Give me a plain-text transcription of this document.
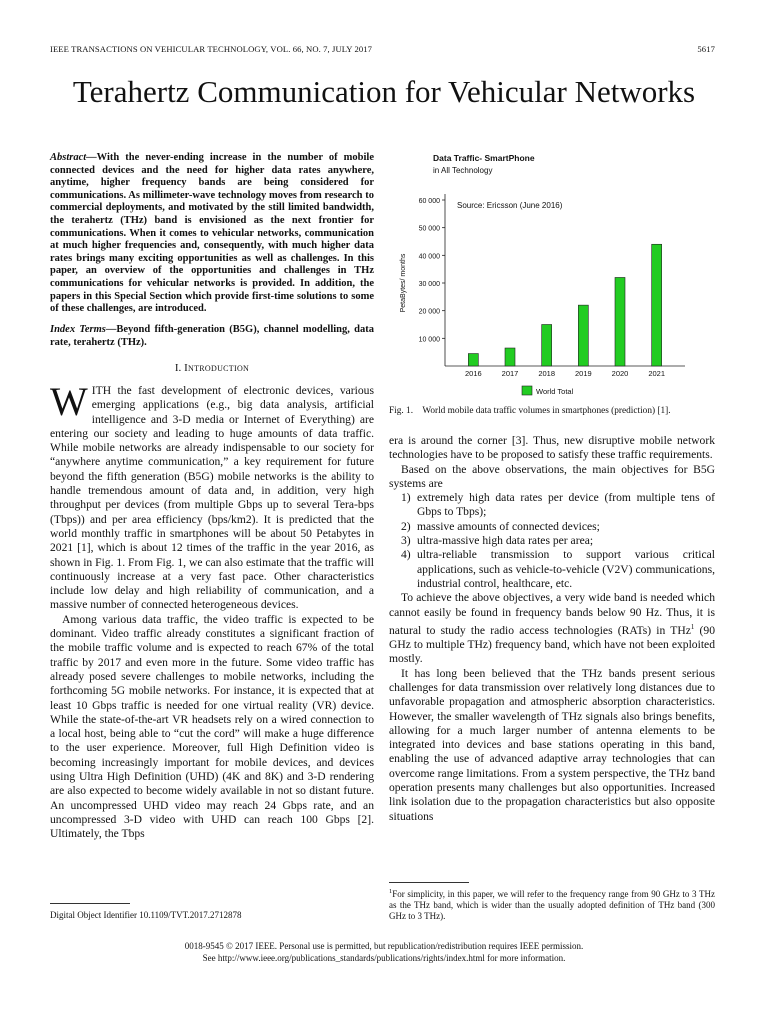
IEEE TRANSACTIONS ON VEHICULAR TECHNOLOGY, VOL. 66, NO. 7, JULY 2017	5617
Terahertz Communication for Vehicular Networks
Abstract—With the never-ending increase in the number of mobile connected devices and the need for higher data rates anywhere, anytime, higher frequency bands are being considered for communications. As millimeter-wave technology moves from research to commercial deployments, and motivated by the still limited bandwidth, the terahertz (THz) band is envisioned as the next frontier for communications. When it comes to vehicular networks, communication at much higher frequencies and, consequently, with much higher data rates brings many exciting opportunities as well as challenges. In this paper, an overview of the opportunities and challenges in THz communications for vehicular networks is provided. In addition, the papers in this Special Section which provide first-time solutions to some of these challenges, are introduced.
Index Terms—Beyond fifth-generation (B5G), channel modelling, data rate, terahertz (THz).
I. Introduction

WITH the fast development of electronic devices, various emerging applications (e.g., big data analysis, artificial intelligence and 3-D media or Internet of Everything) are entering our society and leading to huge amounts of data traffic. While mobile networks are already indispensable to our society for “anywhere anytime communication,” a key requirement for future beyond the fifth generation (B5G) mobile networks is the ability to handle tremendous amount of data and, in addition, very high throughput per devices (from multiple Gbps up to several Tera-bps (Tbps)) and per area efficiency (bps/km2). It is predicted that the world monthly traffic in smartphones will be about 50 Petabytes in 2021 [1], which is about 12 times of the traffic in the year 2016, as shown in Fig. 1. From Fig. 1, we can also estimate that the traffic will continuously increase at a very fast pace. Other characteristics include low delay and high reliability of communication, and a massive number of connected heterogeneous devices.

Among various data traffic, the video traffic is expected to be dominant. Video traffic already constitutes a significant fraction of the mobile traffic volume and is expected to reach 67% of the total traffic by 2017 and even more in the future. Some video traffic has already posed severe challenges to mobile networks, including the forthcoming 5G mobile networks. For instance, it is expected that at least 10 Gbps traffic is needed for one virtual reality (VR) device. While the state-of-the-art VR headsets rely on a wired connection to a local host, being able to “cut the cord” will make a huge difference to the user experience. Moreover, full High Definition video is becoming increasingly important for mobile devices, and devices using Ultra High Definition (UHD) (4K and 8K) and 3-D rendering are also expected to become widely available in not so distant future. An uncompressed UHD video may reach 24 Gbps rate, and an uncompressed 3-D video with UHD can reach 100 Gbps [2]. Ultimately, the Tbps

Digital Object Identifier 10.1109/TVT.2017.2712878
Data Traffic- SmartPhone
in All Technology
Source: Ericsson (June 2016)
10 000
20 000
30 000
40 000
50 000
60 000
PetaBytes/ months
2016	2017	2018	2019	2020	2021
World Total
Fig. 1. World mobile data traffic volumes in smartphones (prediction) [1].

era is around the corner [3]. Thus, new disruptive mobile network technologies have to be proposed to satisfy these traffic requirements.

Based on the above observations, the main objectives for B5G systems are

1) extremely high data rates per device (from multiple tens of Gbps to Tbps);
2) massive amounts of connected devices;
3) ultra-massive high data rates per area;
4) ultra-reliable transmission to support various critical applications, such as vehicle-to-vehicle (V2V) communications, industrial control, healthcare, etc.

To achieve the above objectives, a very wide band is needed which cannot easily be found in frequency bands below 90 Hz. Thus, it is natural to study the radio access technologies (RATs) in THz$^1$ (90 GHz to multiple THz) frequency band, which have not been exploited mostly.

It has long been believed that the THz bands present serious challenges for data transmission over relatively long distances due to unfavorable propagation and atmospheric absorption characteristics. However, the smaller wavelength of THz signals also brings benefits, allowing for a much larger number of antenna elements to be integrated into devices and base stations operating in this band, enabling the use of advanced adaptive array technologies that can overcome range limitations. From a system perspective, the THz band operation presents many challenges but also opportunities. Increased link isolation due to the propagation characteristics but also opposite situations

$^1$For simplicity, in this paper, we will refer to the frequency range from 90 GHz to 3 THz as the THz band, which is wider than the usually adopted definition of THz band (300 GHz to 3 THz).
0018-9545 © 2017 IEEE. Personal use is permitted, but republication/redistribution requires IEEE permission.
See http://www.ieee.org/publications_standards/publications/rights/index.html for more information.
